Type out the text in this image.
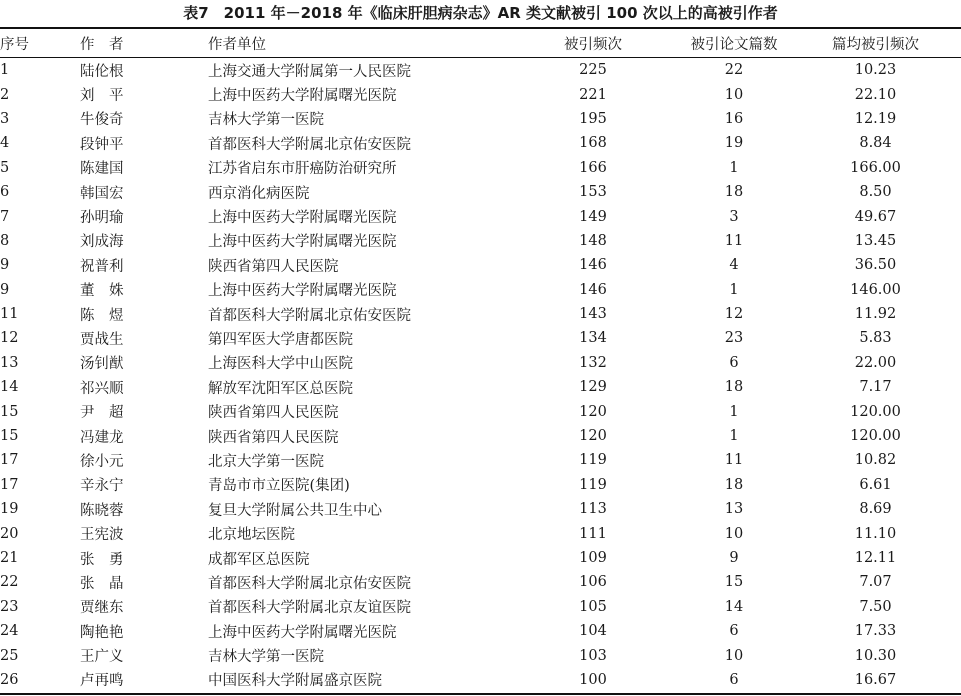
表7　2011 年－2018 年《临床肝胆病杂志》AR 类文献被引 100 次以上的高被引作者
序号	作　者	作者单位	被引频次	被引论文篇数	篇均被引频次
1	陆伦根	上海交通大学附属第一人民医院	225	22	10.23
2	刘　平	上海中医药大学附属曙光医院	221	10	22.10
3	牛俊奇	吉林大学第一医院	195	16	12.19
4	段钟平	首都医科大学附属北京佑安医院	168	19	8.84
5	陈建国	江苏省启东市肝癌防治研究所	166	1	166.00
6	韩国宏	西京消化病医院	153	18	8.50
7	孙明瑜	上海中医药大学附属曙光医院	149	3	49.67
8	刘成海	上海中医药大学附属曙光医院	148	11	13.45
9	祝普利	陕西省第四人民医院	146	4	36.50
9	董　姝	上海中医药大学附属曙光医院	146	1	146.00
11	陈　煜	首都医科大学附属北京佑安医院	143	12	11.92
12	贾战生	第四军医大学唐都医院	134	23	5.83
13	汤钊猷	上海医科大学中山医院	132	6	22.00
14	祁兴顺	解放军沈阳军区总医院	129	18	7.17
15	尹　超	陕西省第四人民医院	120	1	120.00
15	冯建龙	陕西省第四人民医院	120	1	120.00
17	徐小元	北京大学第一医院	119	11	10.82
17	辛永宁	青岛市市立医院(集团)	119	18	6.61
19	陈晓蓉	复旦大学附属公共卫生中心	113	13	8.69
20	王宪波	北京地坛医院	111	10	11.10
21	张　勇	成都军区总医院	109	9	12.11
22	张　晶	首都医科大学附属北京佑安医院	106	15	7.07
23	贾继东	首都医科大学附属北京友谊医院	105	14	7.50
24	陶艳艳	上海中医药大学附属曙光医院	104	6	17.33
25	王广义	吉林大学第一医院	103	10	10.30
26	卢再鸣	中国医科大学附属盛京医院	100	6	16.67
